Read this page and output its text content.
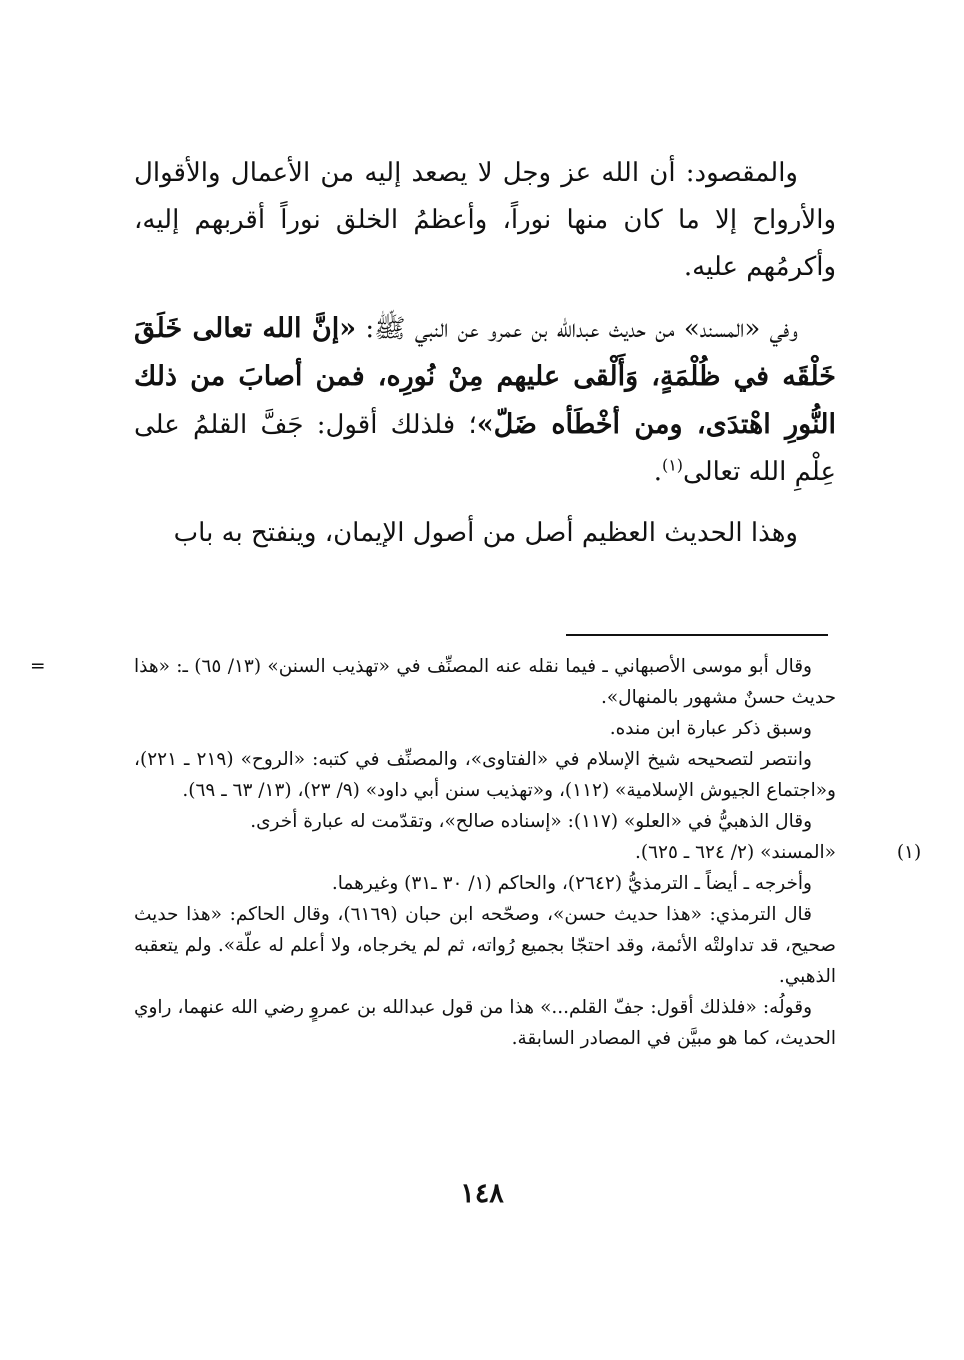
والمقصود: أن الله عز وجل لا يصعد إليه من الأعمال والأقوال والأرواح إلا ما كان منها نوراً، وأعظمُ الخلق نوراً أقربهم إليه، وأكرمُهم عليه.

وفي «المسند» من حديث عبدالله بن عمرو عن النبي ﷺ: «إنَّ الله تعالى خَلَقَ خَلْقَه في ظُلْمَةٍ، وَأَلْقى عليهم مِنْ نُورِه، فمن أصابَ من ذلك النُّورِ اهْتدَى، ومن أخْطَأه ضَلّ»؛ فلذلك أقول: جَفَّ القلمُ على عِلْمِ الله تعالى$^{(١)}$.

وهذا الحديث العظيم أصل من أصول الإيمان، وينفتح به باب

=	وقال أبو موسى الأصبهاني ـ فيما نقله عنه المصنِّف في «تهذيب السنن» (١٣/ ٦٥) ـ: «هذا حديث حسنٌ مشهور بالمنهال».

وسبق ذكر عبارة ابن منده.

وانتصر لتصحيحه شيخ الإسلام في «الفتاوى»، والمصنِّف في كتبه: «الروح» (٢١٩ ـ ٢٢١)، و«اجتماع الجيوش الإسلامية» (١١٢)، و«تهذيب سنن أبي داود» (٩/ ٢٣)، (١٣/ ٦٣ ـ ٦٩).

وقال الذهبيُّ في «العلو» (١١٧): «إسناده صالح»، وتقدّمت له عبارة أخرى.

(١)
«المسند» (٢/ ٦٢٤ ـ ٦٢٥).

وأخرجه ـ أيضاً ـ الترمذيُّ (٢٦٤٢)، والحاكم (١/ ٣٠ ـ٣١) وغيرهما.

قال الترمذي: «هذا حديث حسن»، وصحّحه ابن حبان (٦١٦٩)، وقال الحاكم: «هذا حديث صحيح، قد تداولتْه الأئمة، وقد احتجّا بجميع رُواته، ثم لم يخرجاه، ولا أعلم له علّة». ولم يتعقبه الذهبي.

وقولُه: «فلذلك أقول: جفّ القلم...» هذا من قول عبدالله بن عمروٍ رضي الله عنهما، راوي الحديث، كما هو مبيَّن في المصادر السابقة.

١٤٨
